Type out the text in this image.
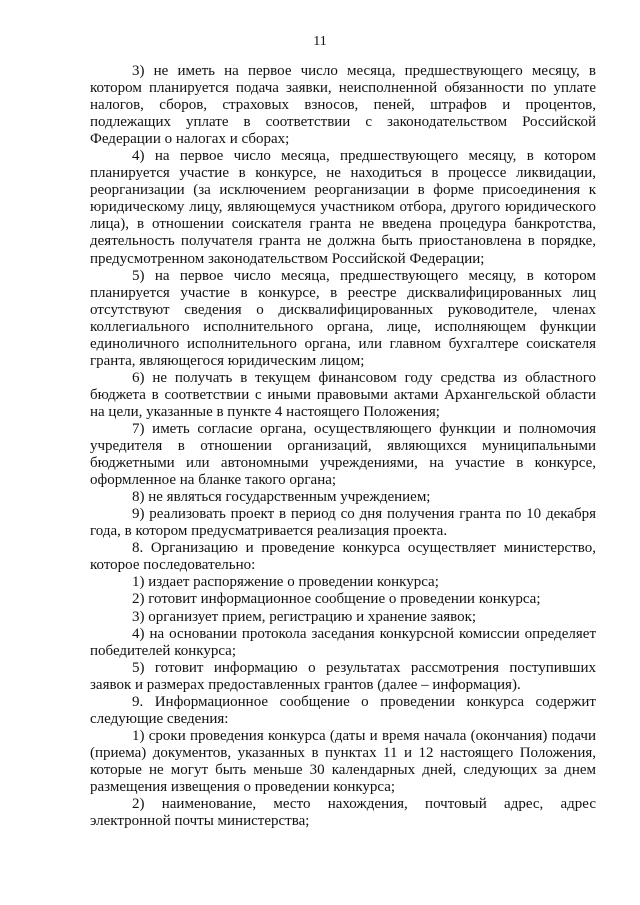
11

3) не иметь на первое число месяца, предшествующего месяцу, в котором планируется подача заявки, неисполненной обязанности по уплате налогов, сборов, страховых взносов, пеней, штрафов и процентов, подлежащих уплате в соответствии с законодательством Российской Федерации о налогах и сборах;

4) на первое число месяца, предшествующего месяцу, в котором планируется участие в конкурсе, не находиться в процессе ликвидации, реорганизации (за исключением реорганизации в форме присоединения к юридическому лицу, являющемуся участником отбора, другого юридического лица), в отношении соискателя гранта не введена процедура банкротства, деятельность получателя гранта не должна быть приостановлена в порядке, предусмотренном законодательством Российской Федерации;

5) на первое число месяца, предшествующего месяцу, в котором планируется участие в конкурсе, в реестре дисквалифицированных лиц отсутствуют сведения о дисквалифицированных руководителе, членах коллегиального исполнительного органа, лице, исполняющем функции единоличного исполнительного органа, или главном бухгалтере соискателя гранта, являющегося юридическим лицом;

6) не получать в текущем финансовом году средства из областного бюджета в соответствии с иными правовыми актами Архангельской области на цели, указанные в пункте 4 настоящего Положения;

7) иметь согласие органа, осуществляющего функции и полномочия учредителя в отношении организаций, являющихся муниципальными бюджетными или автономными учреждениями, на участие в конкурсе, оформленное на бланке такого органа;

8) не являться государственным учреждением;

9) реализовать проект в период со дня получения гранта по 10 декабря года, в котором предусматривается реализация проекта.

8. Организацию и проведение конкурса осуществляет министерство, которое последовательно:

1) издает распоряжение о проведении конкурса;

2) готовит информационное сообщение о проведении конкурса;

3) организует прием, регистрацию и хранение заявок;

4) на основании протокола заседания конкурсной комиссии определяет победителей конкурса;

5) готовит информацию о результатах рассмотрения поступивших заявок и размерах предоставленных грантов (далее – информация).

9. Информационное сообщение о проведении конкурса содержит следующие сведения:

1) сроки проведения конкурса (даты и время начала (окончания) подачи (приема) документов, указанных в пунктах 11 и 12 настоящего Положения, которые не могут быть меньше 30 календарных дней, следующих за днем размещения извещения о проведении конкурса;

2) наименование, место нахождения, почтовый адрес, адрес электронной почты министерства;
